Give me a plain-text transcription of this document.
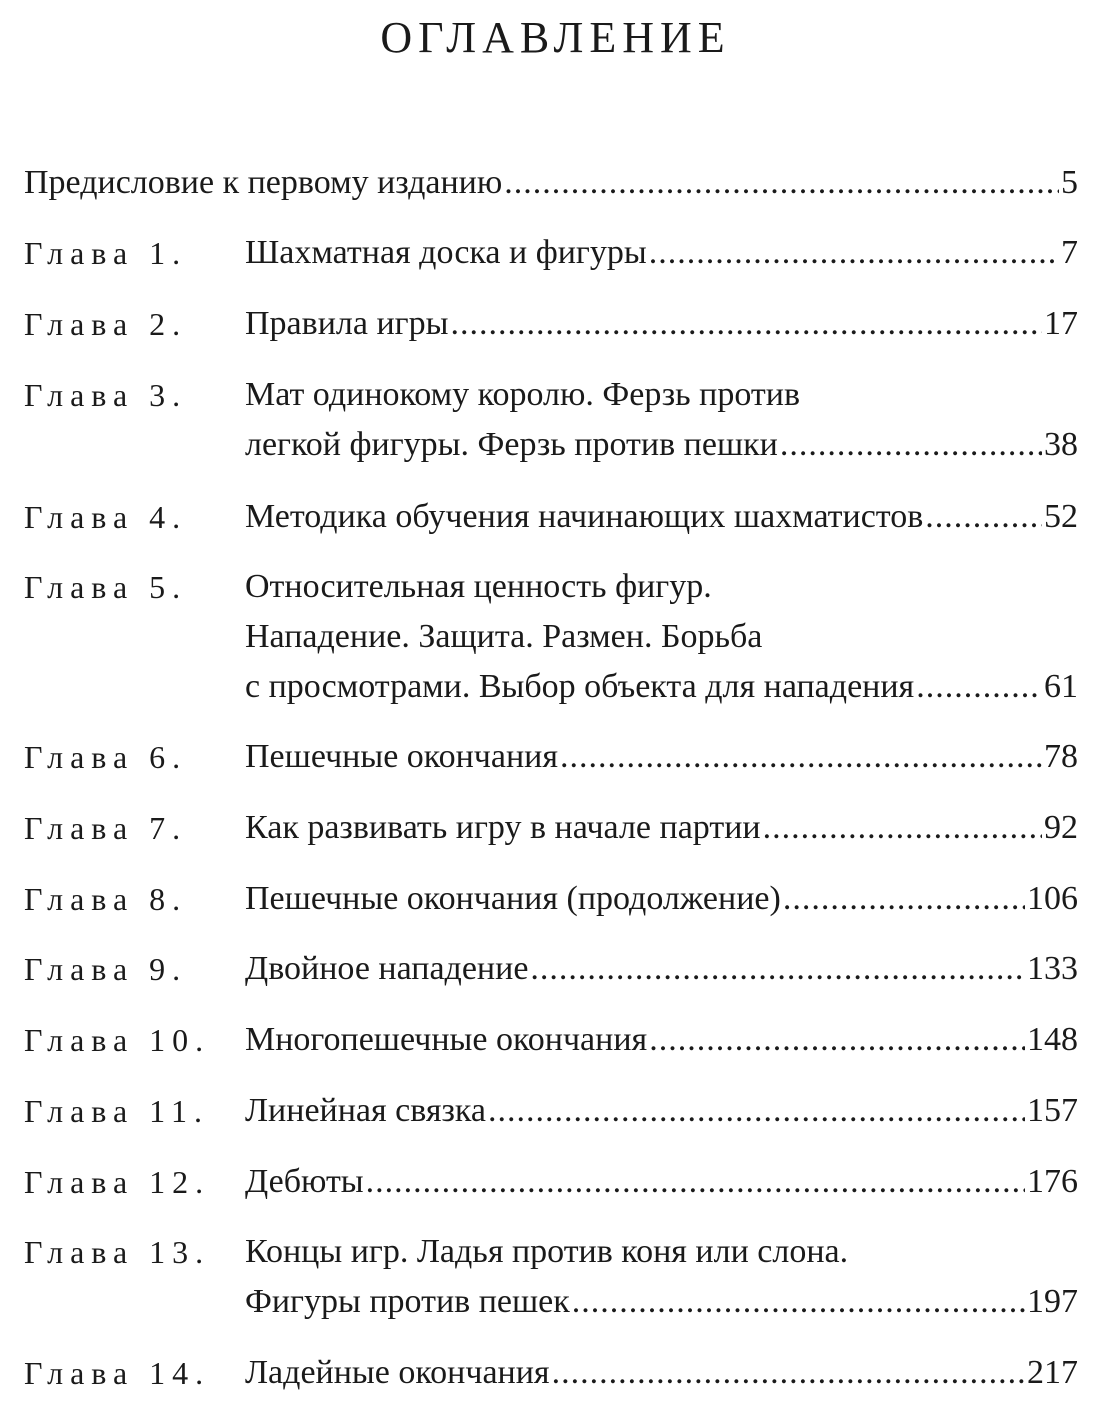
ОГЛАВЛЕНИЕ
Предисловие к первому изданию .....	5
Глава 1. Шахматная доска и фигуры .....	7
Глава 2. Правила игры .....	17
Глава 3. Мат одинокому королю. Ферзь против
легкой фигуры. Ферзь против пешки .....	38
Глава 4. Методика обучения начинающих шахматистов .....	52
Глава 5. Относительная ценность фигур.
Нападение. Защита. Размен. Борьба
с просмотрами. Выбор объекта для нападения .....	61
Глава 6. Пешечные окончания .....	78
Глава 7. Как развивать игру в начале партии .....	92
Глава 8. Пешечные окончания (продолжение) .....	106
Глава 9. Двойное нападение .....	133
Глава 10. Многопешечные окончания .....	148
Глава 11. Линейная связка .....	157
Глава 12. Дебюты .....	176
Глава 13. Концы игр. Ладья против коня или слона.
Фигуры против пешек .....	197
Глава 14. Ладейные окончания .....	217
